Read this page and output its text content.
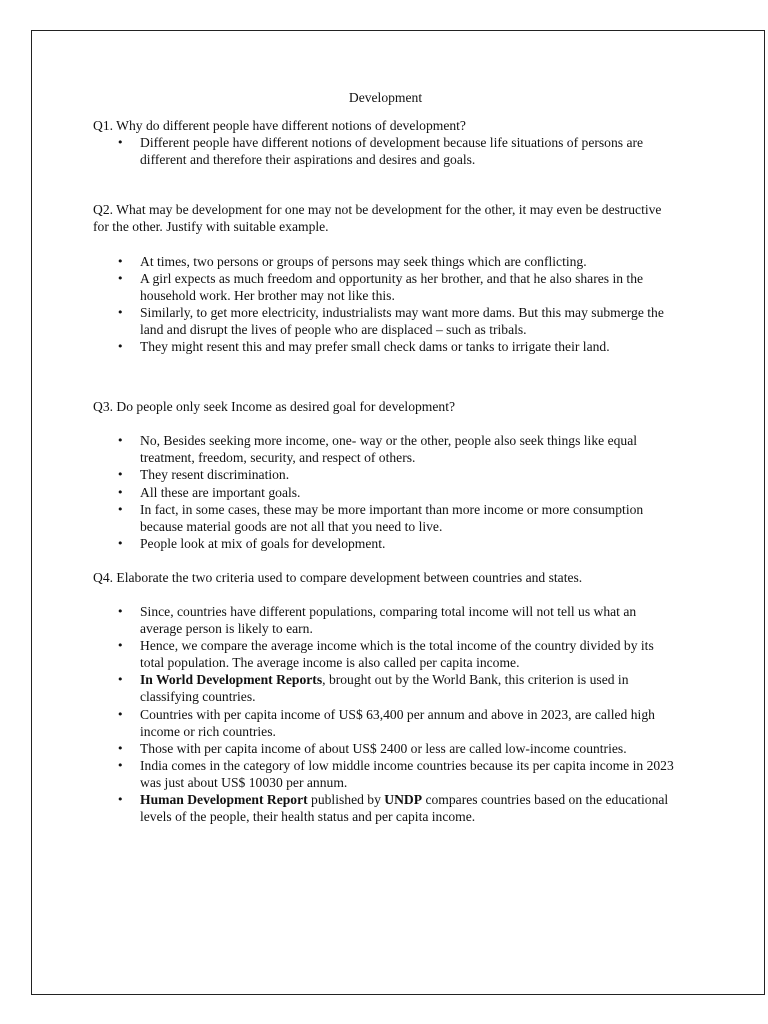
Development

Q1. Why do different people have different notions of development?

• Different people have different notions of development because life situations of persons are different and therefore their aspirations and desires and goals.

Q2. What may be development for one may not be development for the other, it may even be destructive for the other. Justify with suitable example.

• At times, two persons or groups of persons may seek things which are conflicting.
• A girl expects as much freedom and opportunity as her brother, and that he also shares in the household work. Her brother may not like this.
• Similarly, to get more electricity, industrialists may want more dams. But this may submerge the land and disrupt the lives of people who are displaced – such as tribals.
• They might resent this and may prefer small check dams or tanks to irrigate their land.

Q3. Do people only seek Income as desired goal for development?

• No, Besides seeking more income, one- way or the other, people also seek things like equal treatment, freedom, security, and respect of others.
• They resent discrimination.
• All these are important goals.
• In fact, in some cases, these may be more important than more income or more consumption because material goods are not all that you need to live.
• People look at mix of goals for development.

Q4. Elaborate the two criteria used to compare development between countries and states.

• Since, countries have different populations, comparing total income will not tell us what an average person is likely to earn.
• Hence, we compare the average income which is the total income of the country divided by its total population. The average income is also called per capita income.
• In World Development Reports, brought out by the World Bank, this criterion is used in classifying countries.
• Countries with per capita income of US$ 63,400 per annum and above in 2023, are called high income or rich countries.
• Those with per capita income of about US$ 2400 or less are called low-income countries.
• India comes in the category of low middle income countries because its per capita income in 2023 was just about US$ 10030 per annum.
• Human Development Report published by UNDP compares countries based on the educational levels of the people, their health status and per capita income.
